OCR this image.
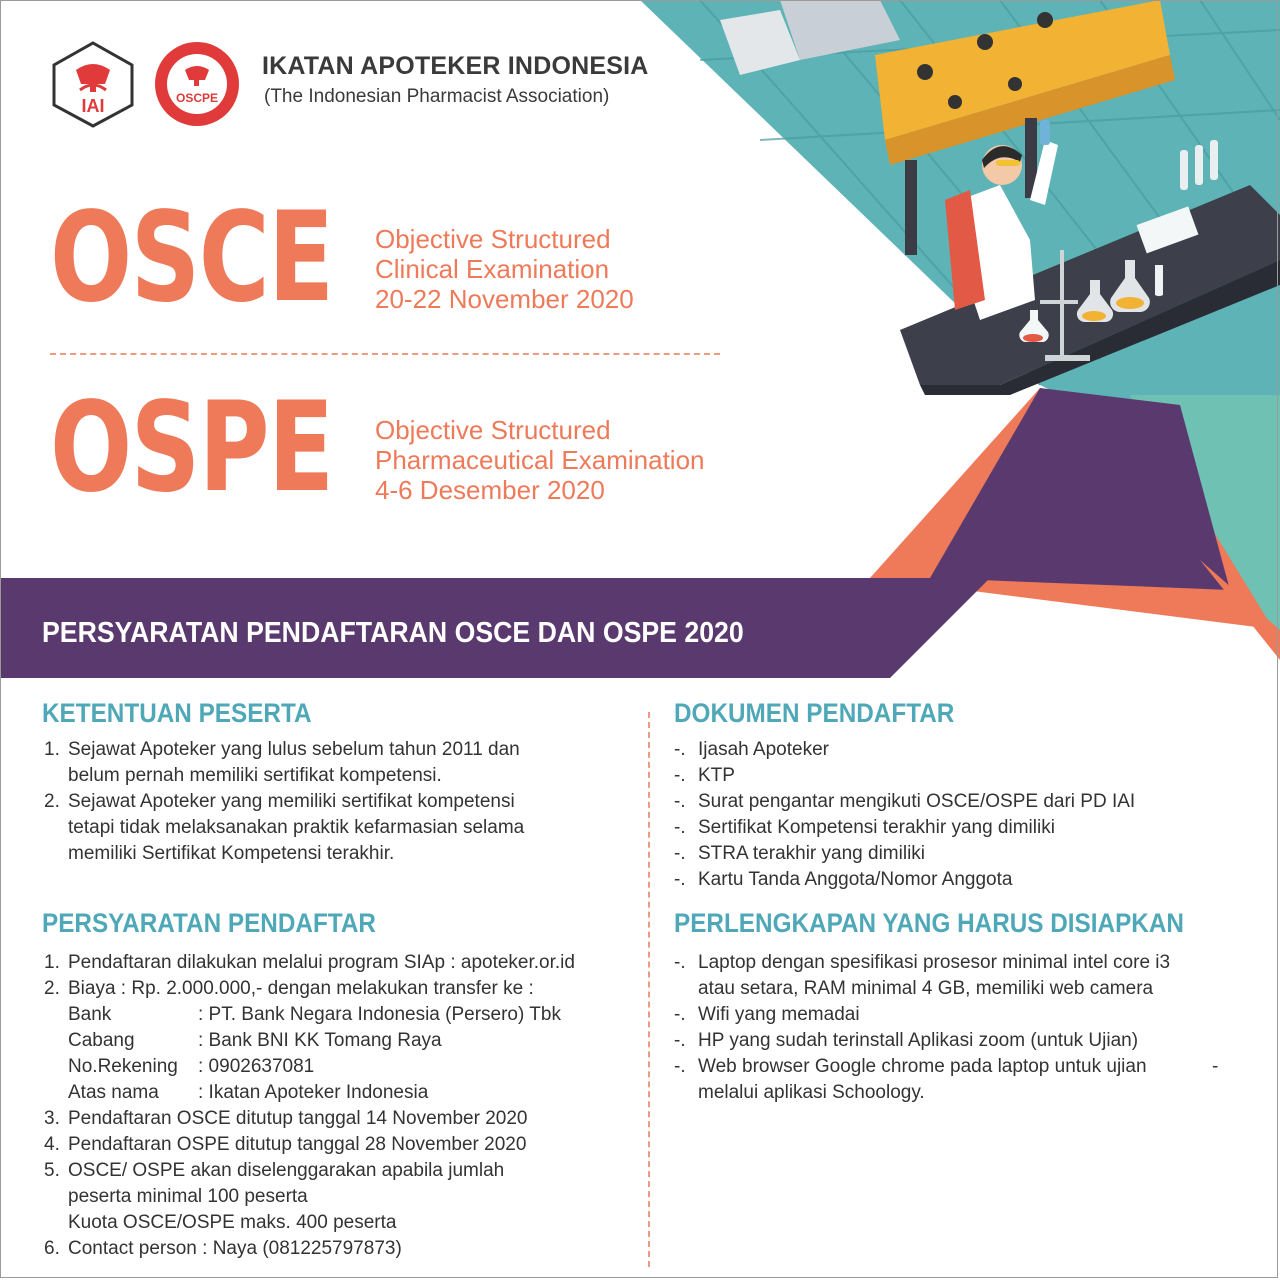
IAI	OSCPE
IKATAN APOTEKER INDONESIA
(The Indonesian Pharmacist Association)
OSCE Objective Structured
Clinical Examination
20-22 November 2020
OSPE Objective Structured
Pharmaceutical Examination
4-6 Desember 2020
PERSYARATAN PENDAFTARAN OSCE DAN OSPE 2020
KETENTUAN PESERTA
1. Sejawat Apoteker yang lulus sebelum tahun 2011 dan
belum pernah memiliki sertifikat kompetensi.
2. Sejawat Apoteker yang memiliki sertifikat kompetensi
tetapi tidak melaksanakan praktik kefarmasian selama
memiliki Sertifikat Kompetensi terakhir.
PERSYARATAN PENDAFTAR
1. Pendaftaran dilakukan melalui program SIAp : apoteker.or.id
2. Biaya : Rp. 2.000.000,- dengan melakukan transfer ke :
Bank	: PT. Bank Negara Indonesia (Persero) Tbk
Cabang	: Bank BNI KK Tomang Raya
No.Rekening : 0902637081
Atas nama : Ikatan Apoteker Indonesia
3. Pendaftaran OSCE ditutup tanggal 14 November 2020
4. Pendaftaran OSPE ditutup tanggal 28 November 2020
5. OSCE/ OSPE akan diselenggarakan apabila jumlah
peserta minimal 100 peserta
Kuota OSCE/OSPE maks. 400 peserta
6. Contact person : Naya (081225797873)
DOKUMEN PENDAFTAR
-. Ijasah Apoteker
-. KTP
-. Surat pengantar mengikuti OSCE/OSPE dari PD IAI
-. Sertifikat Kompetensi terakhir yang dimiliki
-. STRA terakhir yang dimiliki
-. Kartu Tanda Anggota/Nomor Anggota
PERLENGKAPAN YANG HARUS DISIAPKAN
-. Laptop dengan spesifikasi prosesor minimal intel core i3
atau setara, RAM minimal 4 GB, memiliki web camera
-. Wifi yang memadai
-. HP yang sudah terinstall Aplikasi zoom (untuk Ujian)
-. Web browser Google chrome pada laptop untuk ujian	-
melalui aplikasi Schoology.
